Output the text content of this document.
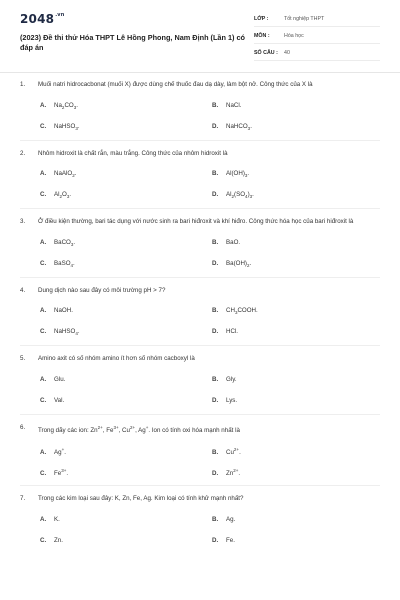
$2048^{.vn}$
(2023) Đề thi thử Hóa THPT Lê Hồng Phong, Nam Định (Lần 1) có đáp án
LỚP :	Tốt nghiệp THPT
MÔN :	Hóa học
SỐ CÂU : 40
1. Muối natri hidrocacbonat (muối X) được dùng chế thuốc đau dạ dày, làm bột nở. Công thức của X là
A. $Na_2CO_3$.	B. NaCl.
C. NaHSO$_3$.	D. NaHCO$_3$.
2. Nhôm hidroxit là chất rắn, màu trắng. Công thức của nhôm hidroxit là
A. NaAlO$_2$.	B. $Al(OH)_3$.
C. $Al_2O_3$.	D. $Al_2(SO_4)_3$.
3. Ở điều kiện thường, bari tác dụng với nước sinh ra bari hiđroxit và khí hiđro. Công thức hóa học của bari hiđroxit là
A. BaCO$_3$.	B. BaO.
C. BaSO$_4$.	D. $Ba(OH)_2$.
4. Dung dịch nào sau đây có môi trường pH > 7?
A. NaOH.	B. $CH_3COOH$.
C. NaHSO$_4$.	D. HCl.
5. Amino axit có số nhóm amino ít hơn số nhóm cacboxyl là
A. Glu.	B. Gly.
C. Val.	D. Lys.
6. Trong dãy các ion: $Zn^{2+}$, $Fe^{3+}$, $Cu^{2+}$, Ag+. Ion có tính oxi hóa mạnh nhất là
A. Ag+.	B. $Cu^{2+}$.
C. $Fe^{3+}$.	D. $Zn^{2+}$.
7. Trong các kim loại sau đây: K, Zn, Fe, Ag. Kim loại có tính khử mạnh nhất?
A. K.	B. Ag.
C. Zn.	D. Fe.
